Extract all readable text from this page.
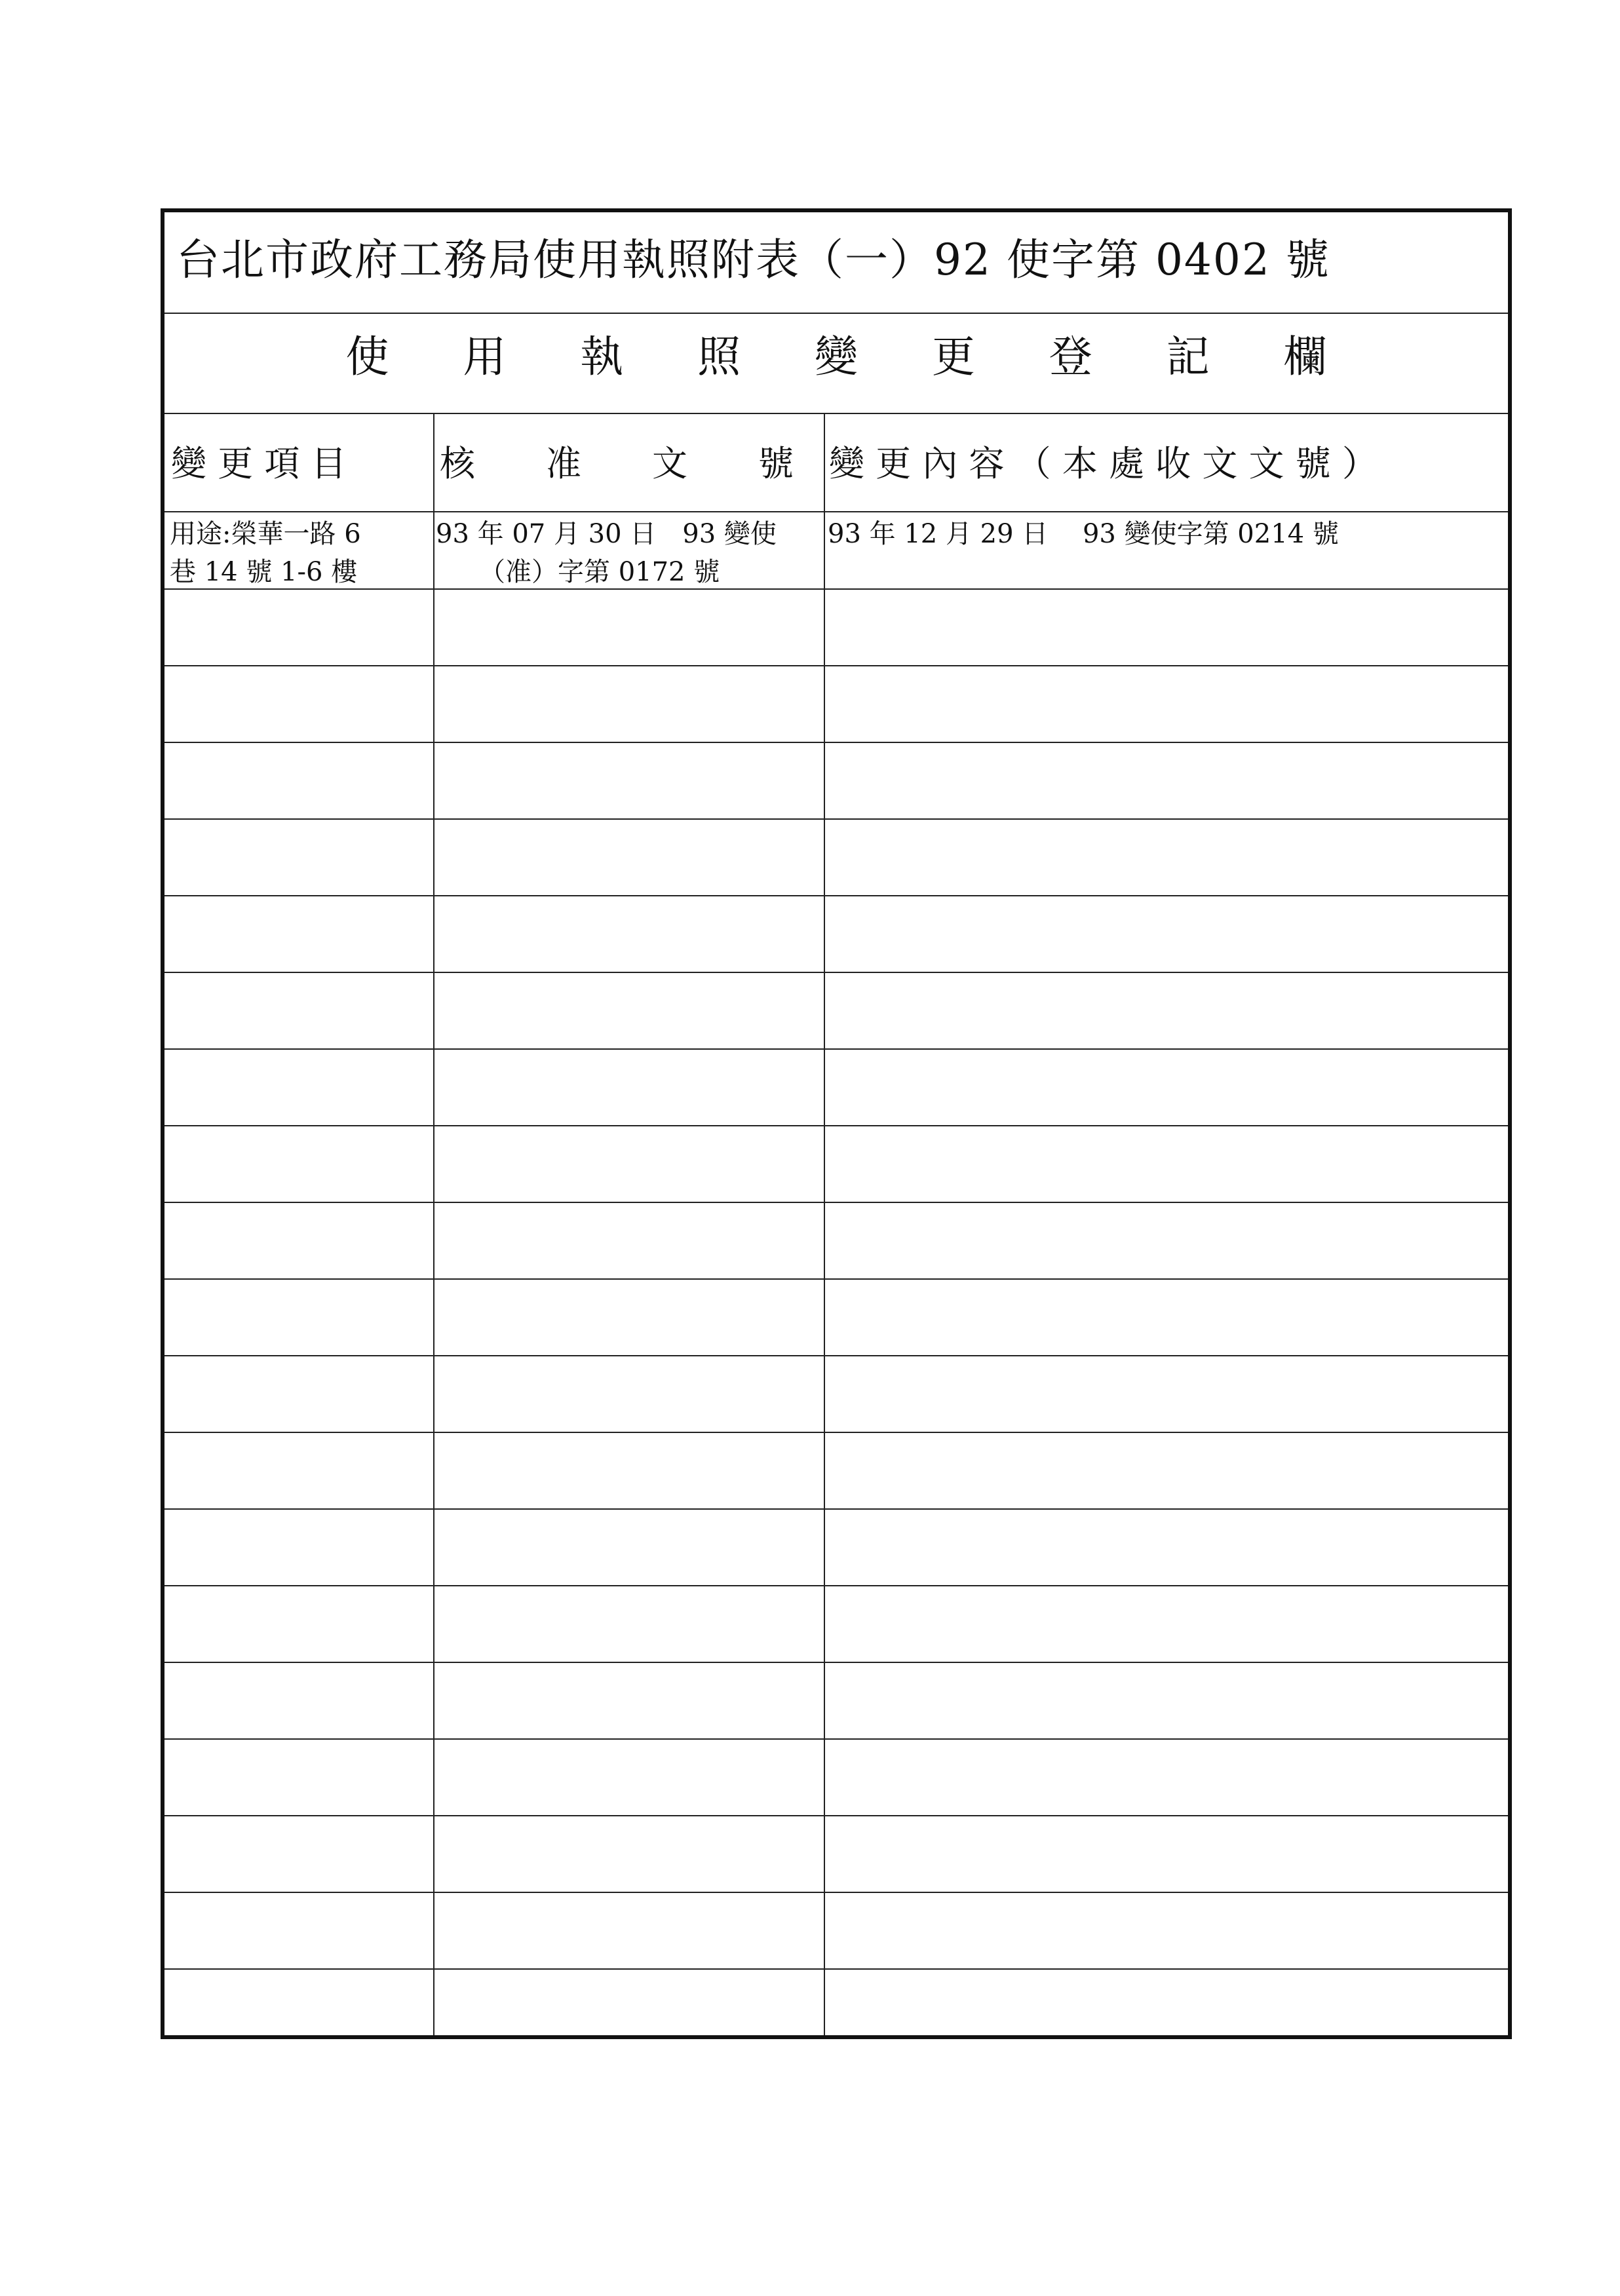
台北市政府工務局使用執照附表（一）92 使字第 0402 號
使 用 執 照 變 更 登 記 欄
變 更 項 目	核　　准　　文　　號 變 更 內 容 （ 本 處 收 文 文 號 ）
用途:榮華一路 6
巷 14 號 1-6 樓
93 年 07 月 30 日　93 變使
（准）字第 0172 號
93 年 12 月 29 日　 93 變使字第 0214 號
